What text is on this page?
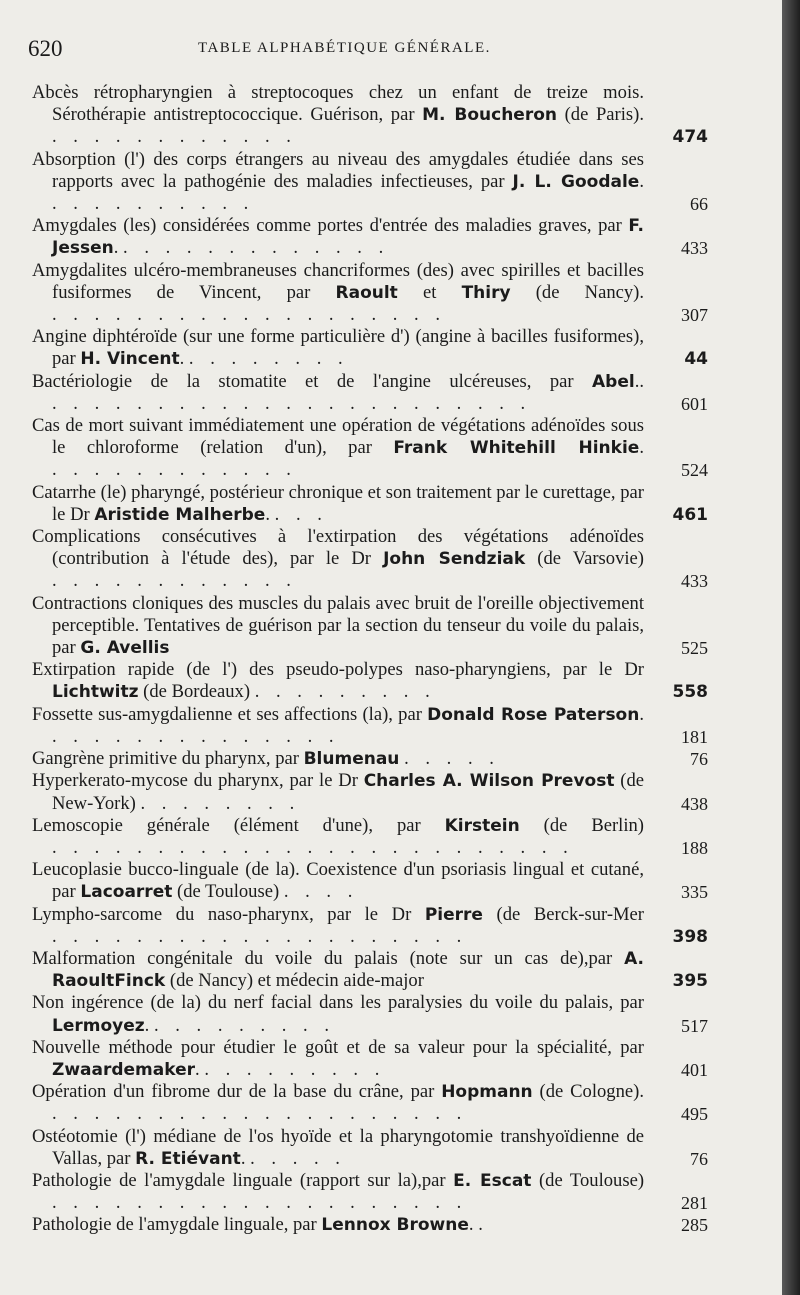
620	TABLE ALPHABÉTIQUE GÉNÉRALE.
Abcès rétropharyngien à streptocoques chez un enfant de treize mois. Sérothérapie antistreptococcique. Guérison, par M. Boucheron (de Paris). . . . . . . . . . . . .	474
Absorption (l') des corps étrangers au niveau des amygdales étudiée dans ses rapports avec la pathogénie des maladies infectieuses, par J. L. Goodale. . . . . . . . . . .	66
Amygdales (les) considérées comme portes d'entrée des maladies graves, par F. Jessen. . . . . . . . . . . . . .	433
Amygdalites ulcéro-membraneuses chancriformes (des) avec spirilles et bacilles fusiformes de Vincent, par Raoult et Thiry (de Nancy). . . . . . . . . . . . . . . . . . . .	307
Angine diphtéroïde (sur une forme particulière d') (angine à bacilles fusiformes), par H. Vincent. . . . . . . . .	44
Bactériologie de la stomatite et de l'angine ulcéreuses, par Abel.. . . . . . . . . . . . . . . . . . . . . . . .	601
Cas de mort suivant immédiatement une opération de végétations adénoïdes sous le chloroforme (relation d'un), par Frank Whitehill Hinkie. . . . . . . . . . . . .	524
Catarrhe (le) pharyngé, postérieur chronique et son traitement par le curettage, par le Dr Aristide Malherbe. . . .	461
Complications consécutives à l'extirpation des végétations adénoïdes (contribution à l'étude des), par le Dr John Sendziak (de Varsovie) . . . . . . . . . . . .	433
Contractions cloniques des muscles du palais avec bruit de l'oreille objectivement perceptible. Tentatives de guérison par la section du tenseur du voile du palais, par G. Avellis	525
Extirpation rapide (de l') des pseudo-polypes naso-pharyngiens, par le Dr Lichtwitz (de Bordeaux) . . . . . . . . .	558
Fossette sus-amygdalienne et ses affections (la), par Donald Rose Paterson. . . . . . . . . . . . . . .	181
Gangrène primitive du pharynx, par Blumenau . . . . .	76
Hyperkerato-mycose du pharynx, par le Dr Charles A. Wilson Prevost (de New-York) . . . . . . . .	438
Lemoscopie générale (élément d'une), par Kirstein (de Berlin) . . . . . . . . . . . . . . . . . . . . . . . . .	188
Leucoplasie bucco-linguale (de la). Coexistence d'un psoriasis lingual et cutané, par Lacoarret (de Toulouse) . . . .	335
Lympho-sarcome du naso-pharynx, par le Dr Pierre (de Berck-sur-Mer . . . . . . . . . . . . . . . . . . . .	398
Malformation congénitale du voile du palais (note sur un cas de),par A. RaoultFinck (de Nancy) et médecin aide-major	395
Non ingérence (de la) du nerf facial dans les paralysies du voile du palais, par Lermoyez. . . . . . . . . .	517
Nouvelle méthode pour étudier le goût et de sa valeur pour la spécialité, par Zwaardemaker. . . . . . . . . .	401
Opération d'un fibrome dur de la base du crâne, par Hopmann (de Cologne). . . . . . . . . . . . . . . . . . . . .	495
Ostéotomie (l') médiane de l'os hyoïde et la pharyngotomie transhyoïdienne de Vallas, par R. Etiévant. . . . . .	76
Pathologie de l'amygdale linguale (rapport sur la),par E. Escat (de Toulouse) . . . . . . . . . . . . . . . . . . . .	281
Pathologie de l'amygdale linguale, par Lennox Browne. .	285
